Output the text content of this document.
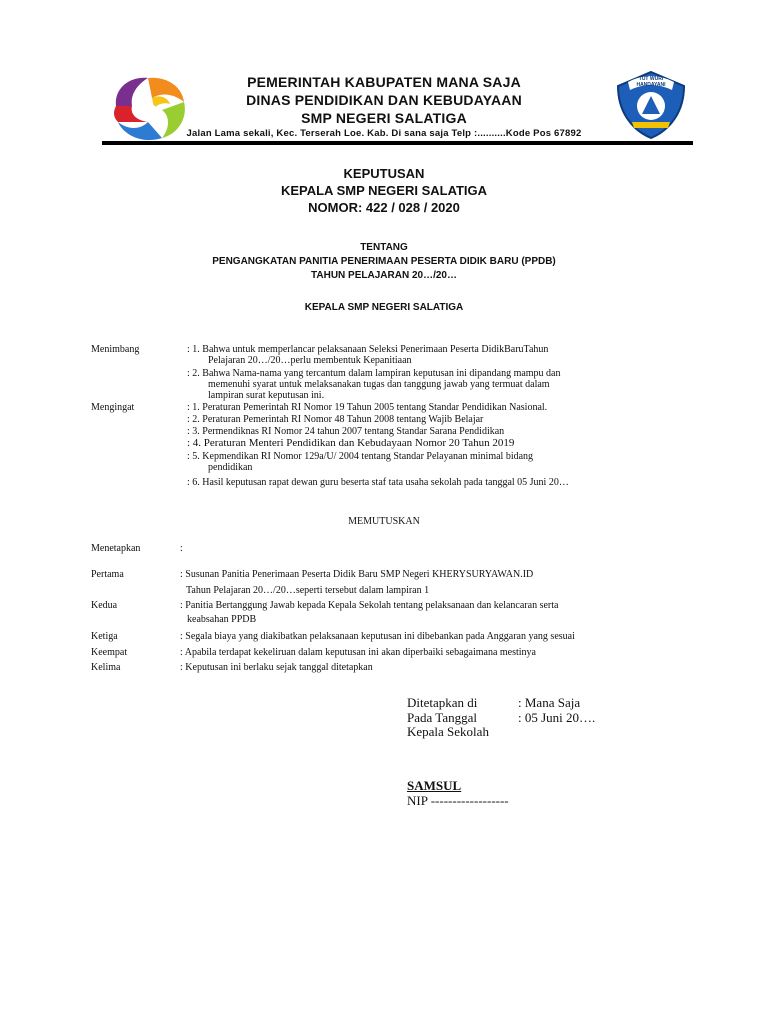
TUT WURI HANDAYANI
PEMERINTAH KABUPATEN MANA SAJA
DINAS PENDIDIKAN DAN KEBUDAYAAN
SMP NEGERI SALATIGA
Jalan Lama sekali, Kec. Terserah Loe. Kab. Di sana saja Telp :..........Kode Pos 67892
KEPUTUSAN
KEPALA SMP NEGERI SALATIGA
NOMOR: 422 / 028 / 2020
TENTANG
PENGANGKATAN PANITIA PENERIMAAN PESERTA DIDIK BARU (PPDB)
TAHUN PELAJARAN 20…/20…
KEPALA SMP NEGERI SALATIGA
Menimbang	: 1. Bahwa untuk memperlancar pelaksanaan Seleksi Penerimaan Peserta DidikBaruTahun
Pelajaran 20…/20…perlu membentuk Kepanitiaan
: 2. Bahwa Nama-nama yang tercantum dalam lampiran keputusan ini dipandang mampu dan
memenuhi syarat untuk melaksanakan tugas dan tanggung jawab yang termuat dalam
lampiran surat keputusan ini.
Mengingat	: 1. Peraturan Pemerintah RI Nomor 19 Tahun 2005 tentang Standar Pendidikan Nasional.
: 2. Peraturan Pemerintah RI Nomor 48 Tahun 2008 tentang Wajib Belajar
: 3. Permendiknas RI Nomor 24 tahun 2007 tentang Standar Sarana Pendidikan
: 4. Peraturan Menteri Pendidikan dan Kebudayaan Nomor 20 Tahun 2019
: 5. Kepmendikan RI Nomor 129a/U/ 2004 tentang Standar Pelayanan minimal bidang
pendidikan
: 6. Hasil keputusan rapat dewan guru beserta staf tata usaha sekolah pada tanggal 05 Juni 20…
MEMUTUSKAN
Menetapkan	:
Pertama	: Susunan Panitia Penerimaan Peserta Didik Baru SMP Negeri KHERYSURYAWAN.ID
Tahun Pelajaran 20…/20…seperti tersebut dalam lampiran 1
Kedua	: Panitia Bertanggung Jawab kepada Kepala Sekolah tentang pelaksanaan dan kelancaran serta
keabsahan PPDB
Ketiga	: Segala biaya yang diakibatkan pelaksanaan keputusan ini dibebankan pada Anggaran yang sesuai
Keempat	: Apabila terdapat kekeliruan dalam keputusan ini akan diperbaiki sebagaimana mestinya
Kelima	: Keputusan ini berlaku sejak tanggal ditetapkan
Ditetapkan di	: Mana Saja
Pada Tanggal	: 05 Juni 20….
Kepala Sekolah
SAMSUL
NIP ------------------
